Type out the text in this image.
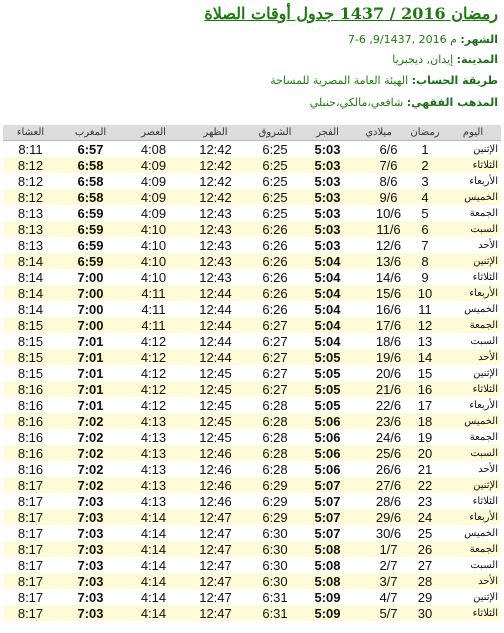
رمضان 2016 / 1437 جدول أوقات الصلاة
الشهر: 7-6 ,9/1437, 2016 م
المدينة: إيدان, ديجبريا
طريقة الحساب: الهيئة العامة المصرية للمساحة
المذهب الفقهي: شافعي،مالكي،حنبلي
اليوم	رمضان	ميلادي	الفجر	الشروق	الظهر	العصر	المغرب	العشاء
الإثنين	1	6/6	5:03	6:25	12:42	4:08	6:57	8:11
الثلاثاء	2	7/6	5:03	6:25	12:42	4:09	6:58	8:12
الأربعاء	3	8/6	5:03	6:25	12:42	4:09	6:58	8:12
الخميس	4	9/6	5:03	6:25	12:42	4:09	6:58	8:12
الجمعة	5	10/6	5:03	6:25	12:43	4:09	6:59	8:13
السبت	6	11/6	5:03	6:26	12:43	4:10	6:59	8:13
الأحد	7	12/6	5:03	6:26	12:43	4:10	6:59	8:13
الإثنين	8	13/6	5:04	6:26	12:43	4:10	6:59	8:14
الثلاثاء	9	14/6	5:04	6:26	12:43	4:10	7:00	8:14
الأربعاء	10	15/6	5:04	6:26	12:44	4:11	7:00	8:14
الخميس	11	16/6	5:04	6:26	12:44	4:11	7:00	8:14
الجمعة	12	17/6	5:04	6:27	12:44	4:11	7:00	8:15
السبت	13	18/6	5:04	6:27	12:44	4:12	7:01	8:15
الأحد	14	19/6	5:05	6:27	12:44	4:12	7:01	8:15
الإثنين	15	20/6	5:05	6:27	12:45	4:12	7:01	8:15
الثلاثاء	16	21/6	5:05	6:27	12:45	4:12	7:01	8:16
الأربعاء	17	22/6	5:05	6:28	12:45	4:12	7:01	8:16
الخميس	18	23/6	5:06	6:28	12:45	4:13	7:02	8:16
الجمعة	19	24/6	5:06	6:28	12:45	4:13	7:02	8:16
السبت	20	25/6	5:06	6:28	12:46	4:13	7:02	8:16
الأحد	21	26/6	5:06	6:28	12:46	4:13	7:02	8:16
الإثنين	22	27/6	5:07	6:29	12:46	4:13	7:02	8:17
الثلاثاء	23	28/6	5:07	6:29	12:46	4:13	7:03	8:17
الأربعاء	24	29/6	5:07	6:29	12:47	4:14	7:03	8:17
الخميس	25	30/6	5:07	6:30	12:47	4:14	7:03	8:17
الجمعة	26	1/7	5:08	6:30	12:47	4:14	7:03	8:17
السبت	27	2/7	5:08	6:30	12:47	4:14	7:03	8:17
الأحد	28	3/7	5:08	6:30	12:47	4:14	7:03	8:17
الإثنين	29	4/7	5:09	6:31	12:47	4:14	7:03	8:17
الثلاثاء	30	5/7	5:09	6:31	12:47	4:14	7:03	8:17
